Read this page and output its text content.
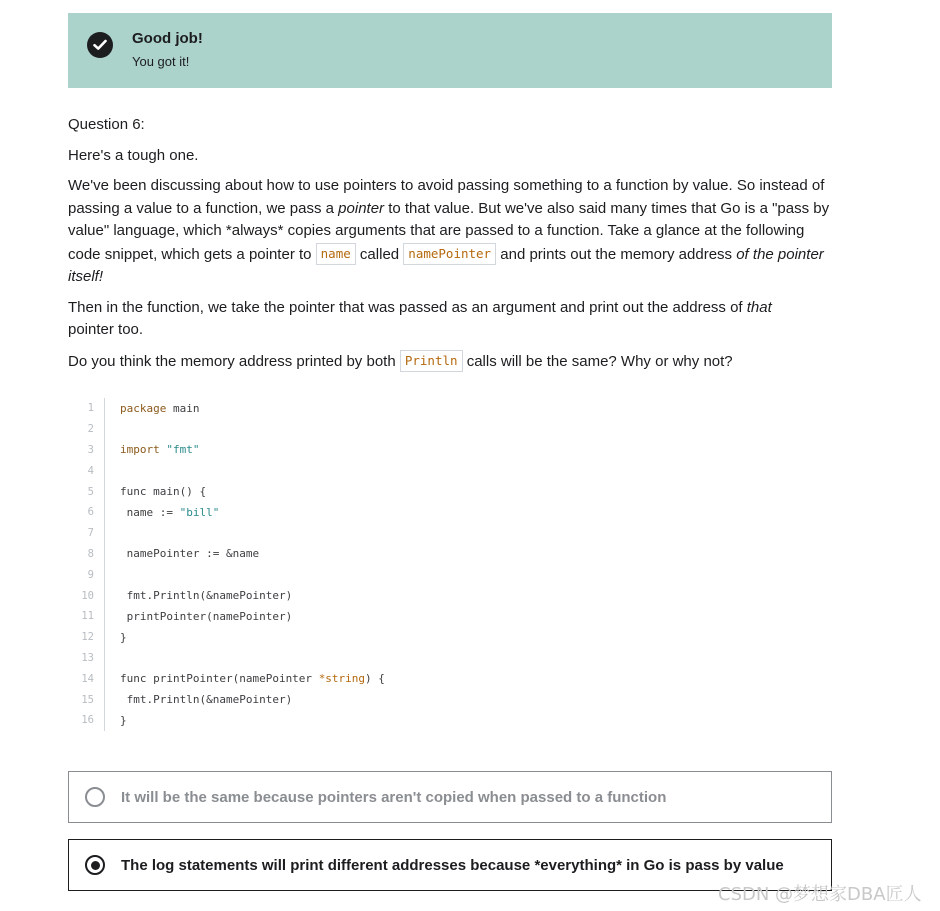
Good job!
You got it!

Question 6:

Here's a tough one.

We've been discussing about how to use pointers to avoid passing something to a function by value. So instead of passing a value to a function, we pass a pointer to that value. But we've also said many times that Go is a "pass by value" language, which *always* copies arguments that are passed to a function. Take a glance at the following code snippet, which gets a pointer to name called namePointer and prints out the memory address of the pointer itself!

Then in the function, we take the pointer that was passed as an argument and print out the address of that pointer too.

Do you think the memory address printed by both Println calls will be the same? Why or why not?

1	package main
2
3	import "fmt"
4
5	func main() {
6	name := "bill"
7
8	namePointer := &name
9
10	fmt.Println(&namePointer)
11	printPointer(namePointer)
12	}
13
14	func printPointer(namePointer *string) {
15	fmt.Println(&namePointer)
16	}
It will be the same because pointers aren't copied when passed to a function
The log statements will print different addresses because *everything* in Go is pass by value
CSDN @梦想家DBA匠人
